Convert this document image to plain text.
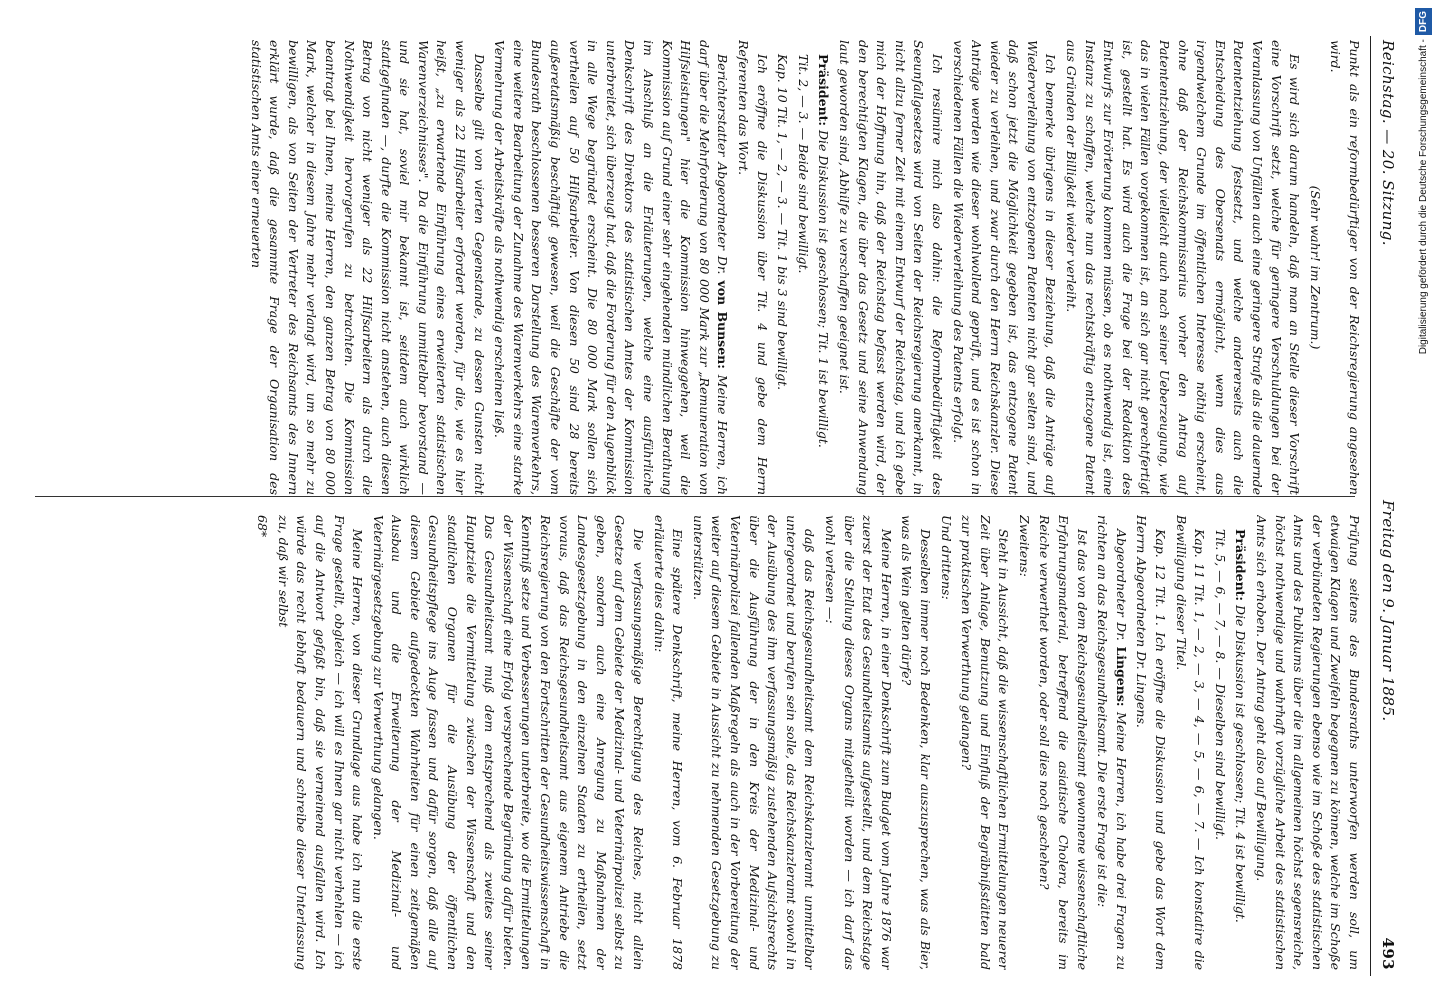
Reichstag. — 20. Sitzung.
Freitag den 9. Januar 1885.
493

Punkt als ein reformbedürftiger von der Reichsregierung angesehen wird.

(Sehr wahr! im Zentrum.)

Es wird sich darum handeln, daß man an Stelle dieser Vorschrift eine Vorschrift setzt, welche für geringere Verschuldungen bei der Veranlassung von Unfällen auch eine geringere Strafe als die dauernde Patententziehung festsetzt, und welche andererseits auch die Entscheidung des Obersenats ermöglicht, wenn dies aus irgendwelchem Grunde im öffentlichen Interesse nöthig erscheint, ohne daß der Reichskommissarius vorher den Antrag auf Patententziehung, der vielleicht auch nach seiner Ueberzeugung, wie das in vielen Fällen vorgekommen ist, an sich gar nicht gerechtfertigt ist, gestellt hat. Es wird auch die Frage bei der Redaktion des Entwurfs zur Erörterung kommen müssen, ob es nothwendig ist, eine Instanz zu schaffen, welche nun das rechtskräftig entzogene Patent aus Gründen der Billigkeit wieder verleiht.

Ich bemerke übrigens in dieser Beziehung, daß die Anträge auf Wiederverleihung von entzogenen Patenten nicht gar selten sind, und daß schon jetzt die Möglichkeit gegeben ist, das entzogene Patent wieder zu verleihen, und zwar durch den Herrn Reichskanzler. Diese Anträge werden wie dieser wohlwollend geprüft, und es ist schon in verschiedenen Fällen die Wiederverleihung des Patents erfolgt.

Ich resümire mich also dahin: die Reformbedürftigkeit des Seeunfallgesetzes wird von Seiten der Reichsregierung anerkannt, in nicht allzu ferner Zeit mit einem Entwurf der Reichstag, und ich gebe mich der Hoffnung hin, daß der Reichstag befasst werden wird, der den berechtigten Klagen, die über das Gesetz und seine Anwendung laut geworden sind, Abhilfe zu verschaffen geeignet ist.

Präsident: Die Diskussion ist geschlossen; Tit. 1 ist bewilligt.

Tit. 2, — 3. — Beide sind bewilligt.

Kap. 10 Tit. 1, — 2, — 3. — Tit. 1 bis 3 sind bewilligt.

Ich eröffne die Diskussion über Tit. 4 und gebe dem Herrn Referenten das Wort.

Berichterstatter Abgeordneter Dr. von Bunsen: Meine Herren, ich darf über die Mehrforderung von 80 000 Mark zur „Remuneration von Hilfsleistungen" hier die Kommission hinweggehen, weil die Kommission auf Grund einer sehr eingehenden mündlichen Berathung im Anschluß an die Erläuterungen, welche eine ausführliche Denkschrift des Direktors des statistischen Amtes der Kommission unterbreitet, sich überzeugt hat, daß die Forderung für den Augenblick in alle Wege begründet erscheint. Die 80 000 Mark sollen sich vertheilen auf 50 Hilfsarbeiter. Von diesen 50 sind 28 bereits außeretatsmäßig beschäftigt gewesen, weil die Geschäfte der vom Bundesrath beschlossenen besseren Darstellung des Warenverkehrs, eine weitere Bearbeitung der Zunahme des Warenverkehrs eine starke Vermehrung der Arbeitskräfte als nothwendig erscheinen ließ.

Dasselbe gilt von vierten Gegenstande, zu dessen Gunsten nicht weniger als 22 Hilfsarbeiter erfordert werden, für die, wie es hier heißt, „zu erwartende Einführung eines erweiterten statistischen Warenverzeichnisses". Da die Einführung unmittelbar bevorstand — und sie hat, soviel mir bekannt ist, seitdem auch wirklich stattgefunden —, durfte die Kommission nicht anstehen, auch diesen Betrag von nicht weniger als 22 Hilfsarbeitern als durch die Nothwendigkeit hervorgerufen zu betrachten. Die Kommission beantragt bei Ihnen, meine Herren, den ganzen Betrag von 80 000 Mark, welcher in diesem Jahre mehr verlangt wird, um so mehr zu bewilligen, als von Seiten der Vertreter des Reichsamts des Innern erklärt wurde, daß die gesammte Frage der Organisation des statistischen Amts einer erneuerten

Prüfung seitens des Bundesraths unterworfen werden soll, um etwaigen Klagen und Zweifeln begegnen zu können, welche im Schoße der verbündeten Regierungen ebenso wie im Schoße des statistischen Amts und des Publikums über die im allgemeinen höchst segensreiche, höchst nothwendige und wahrhaft vorzügliche Arbeit des statistischen Amts sich erhoben. Der Antrag geht also auf Bewilligung.

Präsident: Die Diskussion ist geschlossen; Tit. 4 ist bewilligt.

Tit. 5, — 6, — 7, — 8. — Dieselben sind bewilligt.

Kap. 11 Tit. 1, — 2, — 3, — 4, — 5, — 6, — 7. — Ich konstatire die Bewilligung dieser Titel.

Kap. 12 Tit. 1. Ich eröffne die Diskussion und gebe das Wort dem Herrn Abgeordneten Dr. Lingens.

Abgeordneter Dr. Lingens: Meine Herren, ich habe drei Fragen zu richten an das Reichsgesundheitsamt. Die erste Frage ist die:

Ist das von dem Reichsgesundheitsamt gewonnene wissenschaftliche Erfahrungsmaterial, betreffend die asiatische Cholera, bereits im Reiche verwerthet worden, oder soll dies noch geschehen?

Zweitens:

Steht in Aussicht, daß die wissenschaftlichen Ermittelungen neuerer Zeit über Anlage, Benutzung und Einfluß der Begräbnißstätten bald zur praktischen Verwerthung gelangen?

Und drittens:

Desselben immer noch Bedenken, klar auszusprechen, was als Bier, was als Wein gelten dürfe?

Meine Herren, in einer Denkschrift zum Budget vom Jahre 1876 war zuerst der Etat des Gesundheitsamts aufgestellt, und dem Reichstage über die Stellung dieses Organs mitgetheilt worden — ich darf das wohl verlesen —:

daß das Reichsgesundheitsamt dem Reichskanzleramt unmittelbar untergeordnet und berufen sein solle, das Reichskanzleramt sowohl in der Ausübung des ihm verfassungsmäßig zustehenden Aufsichtsrechts über die Ausführung der in den Kreis der Medizinal- und Veterinärpolizei fallenden Maßregeln als auch in der Vorbereitung der weiter auf diesem Gebiete in Aussicht zu nehmenden Gesetzgebung zu unterstützen.

Eine spätere Denkschrift, meine Herren, vom 6. Februar 1878 erläuterte dies dahin:

Die verfassungsmäßige Berechtigung des Reiches, nicht allein Gesetze auf dem Gebiete der Medizinal- und Veterinärpolizei selbst zu geben, sondern auch eine Anregung zu Maßnahmen der Landesgesetzgebung in den einzelnen Staaten zu ertheilen, setzt voraus, daß das Reichsgesundheitsamt aus eigenem Antriebe die Reichsregierung von den Fortschritten der Gesundheitswissenschaft in Kenntniß setze und Verbesserungen unterbreite, wo die Ermittelungen der Wissenschaft eine Erfolg versprechende Begründung dafür bieten. Das Gesundheitsamt muß dem entsprechend als zweites seiner Hauptziele die Vermittelung zwischen der Wissenschaft und den staatlichen Organen für die Ausübung der öffentlichen Gesundheitspflege ins Auge fassen und dafür sorgen, daß alle auf diesem Gebiete aufgedeckten Wahrheiten für einen zeitgemäßen Ausbau und die Erweiterung der Medizinal- und Veterinärgesetzgebung zur Verwerthung gelangen.

Meine Herren, von dieser Grundlage aus habe ich nun die erste Frage gestellt, obgleich — ich will es Ihnen gar nicht verhehlen — ich auf die Antwort gefaßt bin, daß sie verneinend ausfallen wird. Ich würde das recht lebhaft bedauern und schreibe dieser Unterlassung zu, daß wir selbst

68*

Digitalisierung gefördert durch die Deutsche Forschungsgemeinschaft -DFG
